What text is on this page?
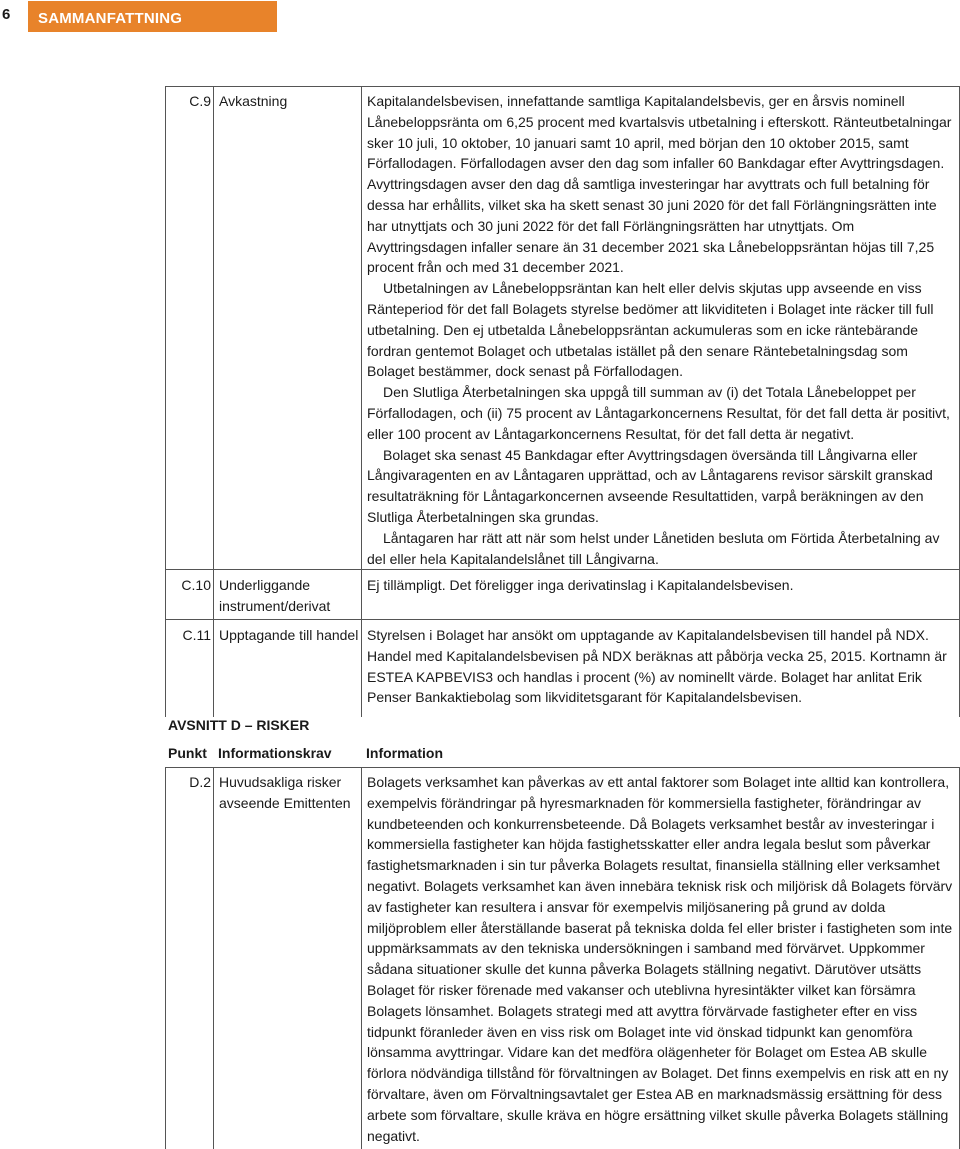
6	SAMMANFATTNING
C.9 Avkastning	Kapitalandelsbevisen, innefattande samtliga Kapitalandelsbevis, ger en årsvis nominell Lånebeloppsränta om 6,25 procent med kvartalsvis utbetalning i efterskott. Ränteutbetalningar sker 10 juli, 10 oktober, 10 januari samt 10 april, med början den 10 oktober 2015, samt Förfallodagen. Förfallodagen avser den dag som infaller 60 Bankdagar efter Avyttringsdagen. Avyttringsdagen avser den dag då samtliga investeringar har avyttrats och full betalning för dessa har erhållits, vilket ska ha skett senast 30 juni 2020 för det fall Förlängningsrätten inte har utnyttjats och 30 juni 2022 för det fall Förlängningsrätten har utnyttjats. Om Avyttringsdagen infaller senare än 31 december 2021 ska Lånebeloppsräntan höjas till 7,25 procent från och med 31 december 2021.

Utbetalningen av Lånebeloppsräntan kan helt eller delvis skjutas upp avseende en viss Ränteperiod för det fall Bolagets styrelse bedömer att likviditeten i Bolaget inte räcker till full utbetalning. Den ej utbetalda Lånebeloppsräntan ackumuleras som en icke räntebärande fordran gentemot Bolaget och utbetalas istället på den senare Räntebetalningsdag som Bolaget bestämmer, dock senast på Förfallodagen.

Den Slutliga Återbetalningen ska uppgå till summan av (i) det Totala Lånebeloppet per Förfallodagen, och (ii) 75 procent av Låntagarkoncernens Resultat, för det fall detta är positivt, eller 100 procent av Låntagarkoncernens Resultat, för det fall detta är negativt.

Bolaget ska senast 45 Bankdagar efter Avyttringsdagen översända till Långivarna eller Långivaragenten en av Låntagaren upprättad, och av Låntagarens revisor särskilt granskad resultaträkning för Låntagarkoncernen avseende Resultattiden, varpå beräkningen av den Slutliga Återbetalningen ska grundas.

Låntagaren har rätt att när som helst under Lånetiden besluta om Förtida Återbetalning av del eller hela Kapitalandelslånet till Långivarna.

C.10 Underliggande instrument/derivat

Ej tillämpligt. Det föreligger inga derivatinslag i Kapitalandelsbevisen.

C.11 Upptagande till handel Styrelsen i Bolaget har ansökt om upptagande av Kapitalandelsbevisen till handel på NDX. Handel med Kapitalandelsbevisen på NDX beräknas att påbörja vecka 25, 2015. Kortnamn är ESTEA KAPBEVIS3 och handlas i procent (%) av nominellt värde. Bolaget har anlitat Erik Penser Bankaktiebolag som likviditetsgarant för Kapitalandelsbevisen.

AVSNITT D – RISKER
Punkt Informationskrav Information
D.2 Huvudsakliga risker avseende Emittenten

Bolagets verksamhet kan påverkas av ett antal faktorer som Bolaget inte alltid kan kontrollera, exempelvis förändringar på hyresmarknaden för kommersiella fastigheter, förändringar av kundbeteenden och konkurrensbeteende. Då Bolagets verksamhet består av investeringar i kommersiella fastigheter kan höjda fastighetsskatter eller andra legala beslut som påverkar fastighetsmarknaden i sin tur påverka Bolagets resultat, finansiella ställning eller verksamhet negativt. Bolagets verksamhet kan även innebära teknisk risk och miljörisk då Bolagets förvärv av fastigheter kan resultera i ansvar för exempelvis miljösanering på grund av dolda miljöproblem eller återställande baserat på tekniska dolda fel eller brister i fastigheten som inte uppmärksammats av den tekniska undersökningen i samband med förvärvet. Uppkommer sådana situationer skulle det kunna påverka Bolagets ställning negativt. Därutöver utsätts Bolaget för risker förenade med vakanser och uteblivna hyresintäkter vilket kan försämra Bolagets lönsamhet. Bolagets strategi med att avyttra förvärvade fastigheter efter en viss tidpunkt föranleder även en viss risk om Bolaget inte vid önskad tidpunkt kan genomföra lönsamma avyttringar. Vidare kan det medföra olägenheter för Bolaget om Estea AB skulle förlora nödvändiga tillstånd för förvaltningen av Bolaget. Det finns exempelvis en risk att en ny förvaltare, även om Förvaltningsavtalet ger Estea AB en marknadsmässig ersättning för dess arbete som förvaltare, skulle kräva en högre ersättning vilket skulle påverka Bolagets ställning negativt.
